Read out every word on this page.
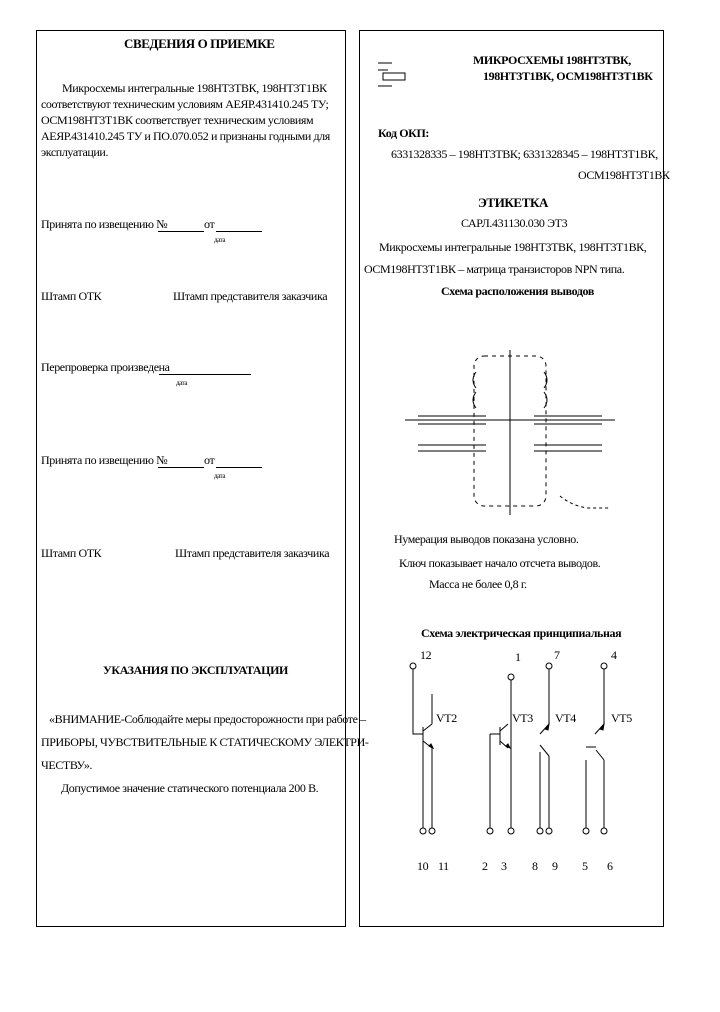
СВЕДЕНИЯ О ПРИЕМКЕ
Микросхемы интегральные 198НТ3ТВК, 198НТ3Т1ВК
соответствуют техническим условиям АЕЯР.431410.245 ТУ;
ОСМ198НТ3Т1ВК соответствует техническим условиям
АЕЯР.431410.245 ТУ и ПО.070.052 и признаны годными для
эксплуатации.
Принята по извещению №	от
дата
Штамп ОТК	Штамп представителя заказчика
Перепроверка произведена
дата
Принята по извещению №	от
дата
Штамп ОТК	Штамп представителя заказчика
УКАЗАНИЯ ПО ЭКСПЛУАТАЦИИ
«ВНИМАНИЕ-Соблюдайте меры предосторожности при работе –
ПРИБОРЫ, ЧУВСТВИТЕЛЬНЫЕ К СТАТИЧЕСКОМУ ЭЛЕКТРИ-
ЧЕСТВУ».
Допустимое значение статического потенциала 200 В.
МИКРОСХЕМЫ 198НТ3ТВК,
198НТ3Т1ВК, ОСМ198НТ3Т1ВК
Код ОКП:
6331328335 – 198НТ3ТВК; 6331328345 – 198НТ3Т1ВК,
ОСМ198НТ3Т1ВК
ЭТИКЕТКА
САРЛ.431130.030 ЭТ3
Микросхемы интегральные 198НТ3ТВК, 198НТ3Т1ВК,
ОСМ198НТ3Т1ВК – матрица транзисторов NPN типа.
Схема расположения выводов
Нумерация выводов показана условно.
Ключ показывает начало отсчета выводов.
Масса не более 0,8 г.
Схема электрическая принципиальная
12	1	7	4
VT2	VT3 VT4	VT5
10 11	2 3 8 9 5 6
